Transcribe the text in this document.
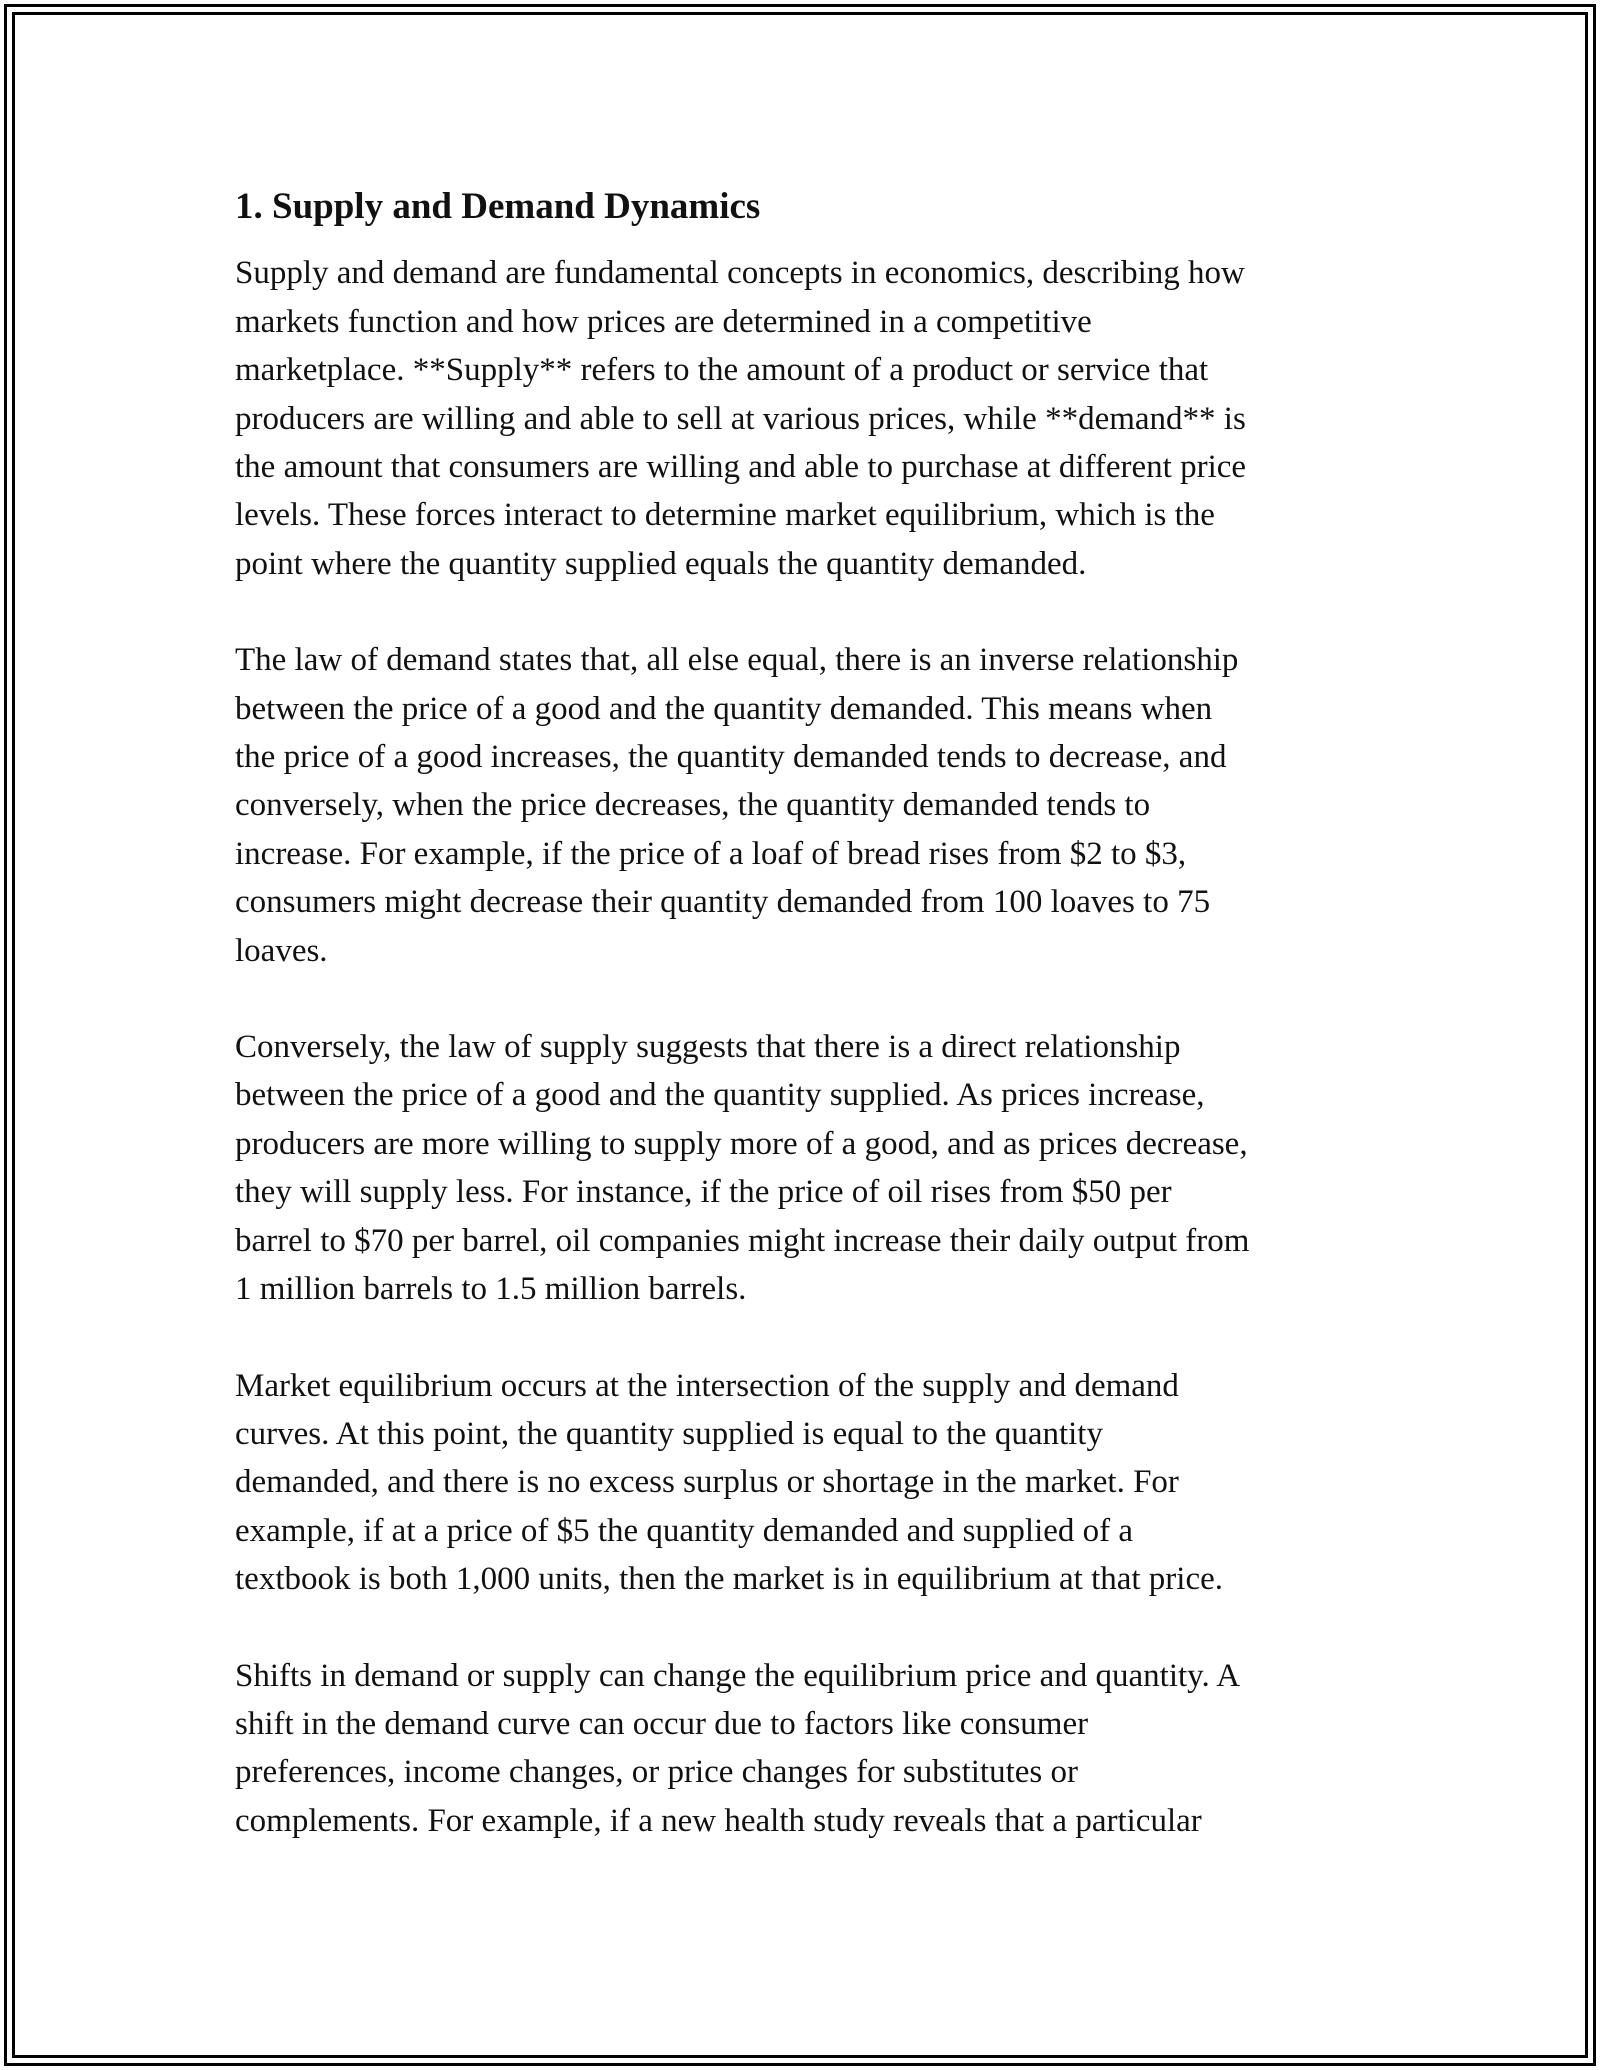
1. Supply and Demand Dynamics

Supply and demand are fundamental concepts in economics, describing how
markets function and how prices are determined in a competitive
marketplace. **Supply** refers to the amount of a product or service that
producers are willing and able to sell at various prices, while **demand** is
the amount that consumers are willing and able to purchase at different price
levels. These forces interact to determine market equilibrium, which is the
point where the quantity supplied equals the quantity demanded.

The law of demand states that, all else equal, there is an inverse relationship
between the price of a good and the quantity demanded. This means when
the price of a good increases, the quantity demanded tends to decrease, and
conversely, when the price decreases, the quantity demanded tends to
increase. For example, if the price of a loaf of bread rises from $2 to $3,
consumers might decrease their quantity demanded from 100 loaves to 75
loaves.

Conversely, the law of supply suggests that there is a direct relationship
between the price of a good and the quantity supplied. As prices increase,
producers are more willing to supply more of a good, and as prices decrease,
they will supply less. For instance, if the price of oil rises from $50 per
barrel to $70 per barrel, oil companies might increase their daily output from
1 million barrels to 1.5 million barrels.

Market equilibrium occurs at the intersection of the supply and demand
curves. At this point, the quantity supplied is equal to the quantity
demanded, and there is no excess surplus or shortage in the market. For
example, if at a price of $5 the quantity demanded and supplied of a
textbook is both 1,000 units, then the market is in equilibrium at that price.

Shifts in demand or supply can change the equilibrium price and quantity. A
shift in the demand curve can occur due to factors like consumer
preferences, income changes, or price changes for substitutes or
complements. For example, if a new health study reveals that a particular
